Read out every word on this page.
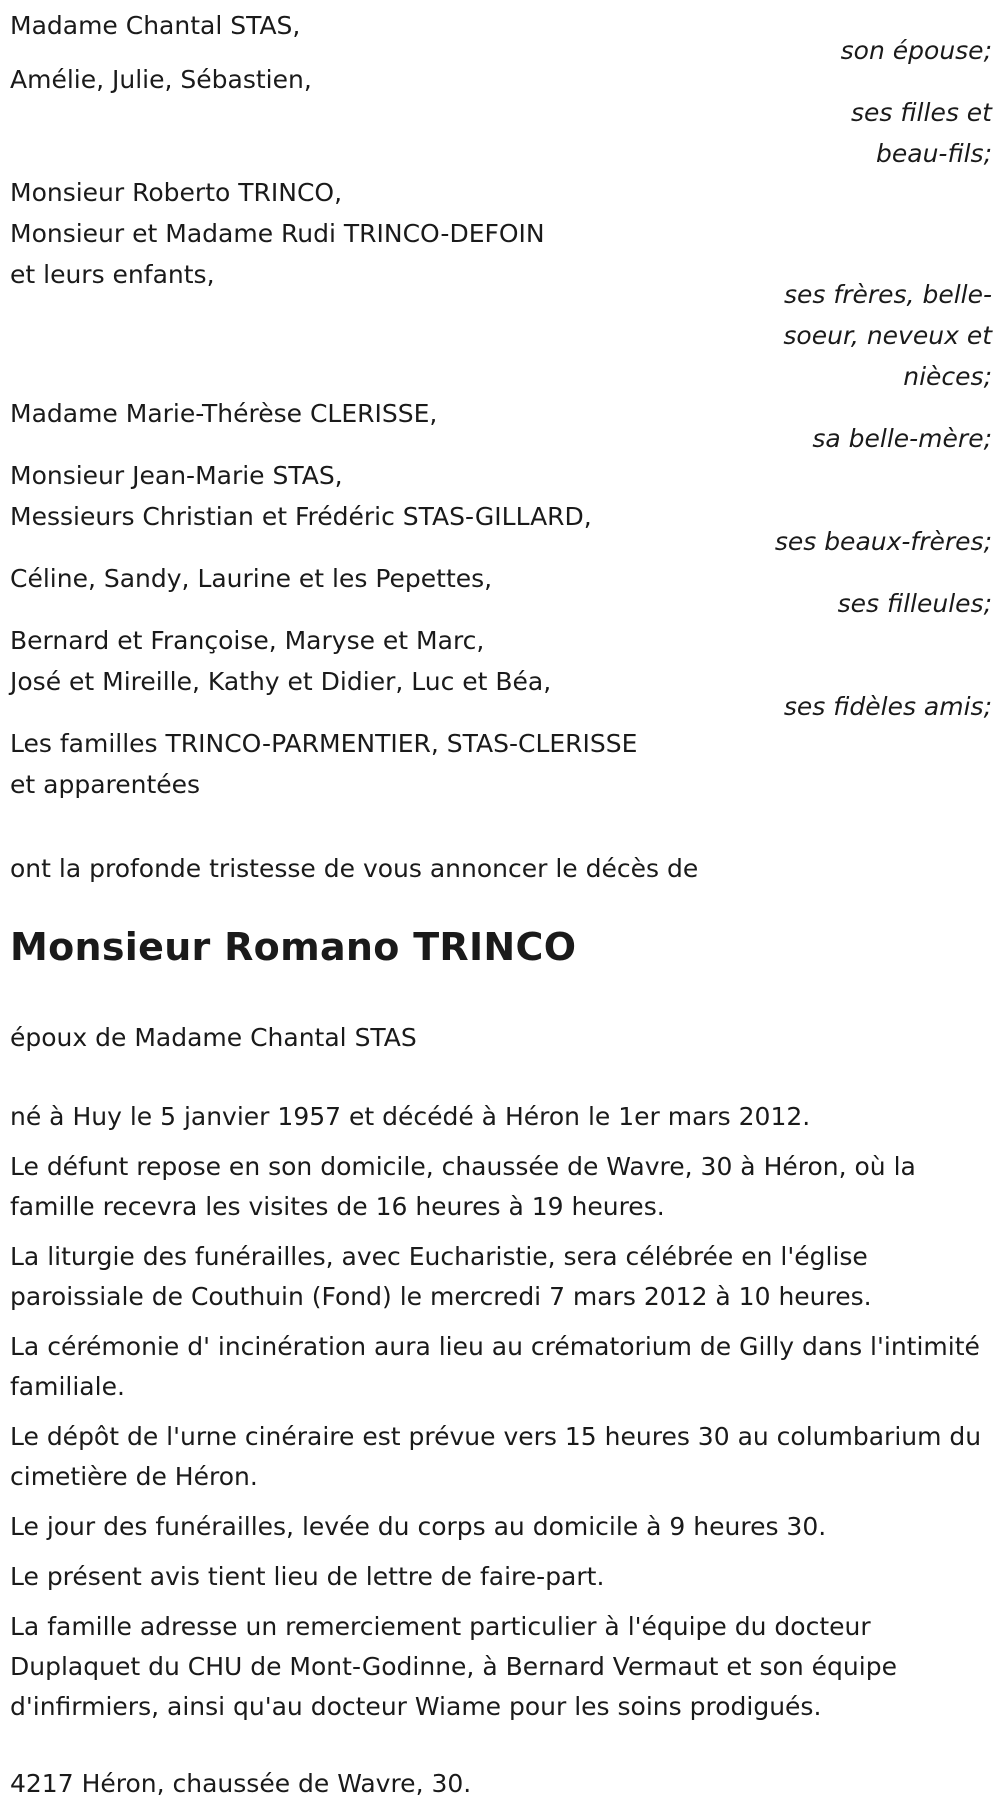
Madame Chantal STAS,
son épouse;
Amélie, Julie, Sébastien,
ses filles et
beau-fils;
Monsieur Roberto TRINCO,
Monsieur et Madame Rudi TRINCO-DEFOIN
et leurs enfants,
ses frères, belle-
soeur, neveux et
nièces;
Madame Marie-Thérèse CLERISSE,
sa belle-mère;
Monsieur Jean-Marie STAS,
Messieurs Christian et Frédéric STAS-GILLARD,
ses beaux-frères;
Céline, Sandy, Laurine et les Pepettes,
ses filleules;
Bernard et Françoise, Maryse et Marc,
José et Mireille, Kathy et Didier, Luc et Béa,
ses fidèles amis;
Les familles TRINCO-PARMENTIER, STAS-CLERISSE
et apparentées
ont la profonde tristesse de vous annoncer le décès de
Monsieur Romano TRINCO
époux de Madame Chantal STAS

né à Huy le 5 janvier 1957 et décédé à Héron le 1er mars 2012.

Le défunt repose en son domicile, chaussée de Wavre, 30 à Héron, où la famille recevra les visites de 16 heures à 19 heures.

La liturgie des funérailles, avec Eucharistie, sera célébrée en l'église paroissiale de Couthuin (Fond) le mercredi 7 mars 2012 à 10 heures.

La cérémonie d' incinération aura lieu au crématorium de Gilly dans l'intimité familiale.

Le dépôt de l'urne cinéraire est prévue vers 15 heures 30 au columbarium du cimetière de Héron.

Le jour des funérailles, levée du corps au domicile à 9 heures 30.

Le présent avis tient lieu de lettre de faire-part.

La famille adresse un remerciement particulier à l'équipe du docteur Duplaquet du CHU de Mont-Godinne, à Bernard Vermaut et son équipe d'infirmiers, ainsi qu'au docteur Wiame pour les soins prodigués.

4217 Héron, chaussée de Wavre, 30.
